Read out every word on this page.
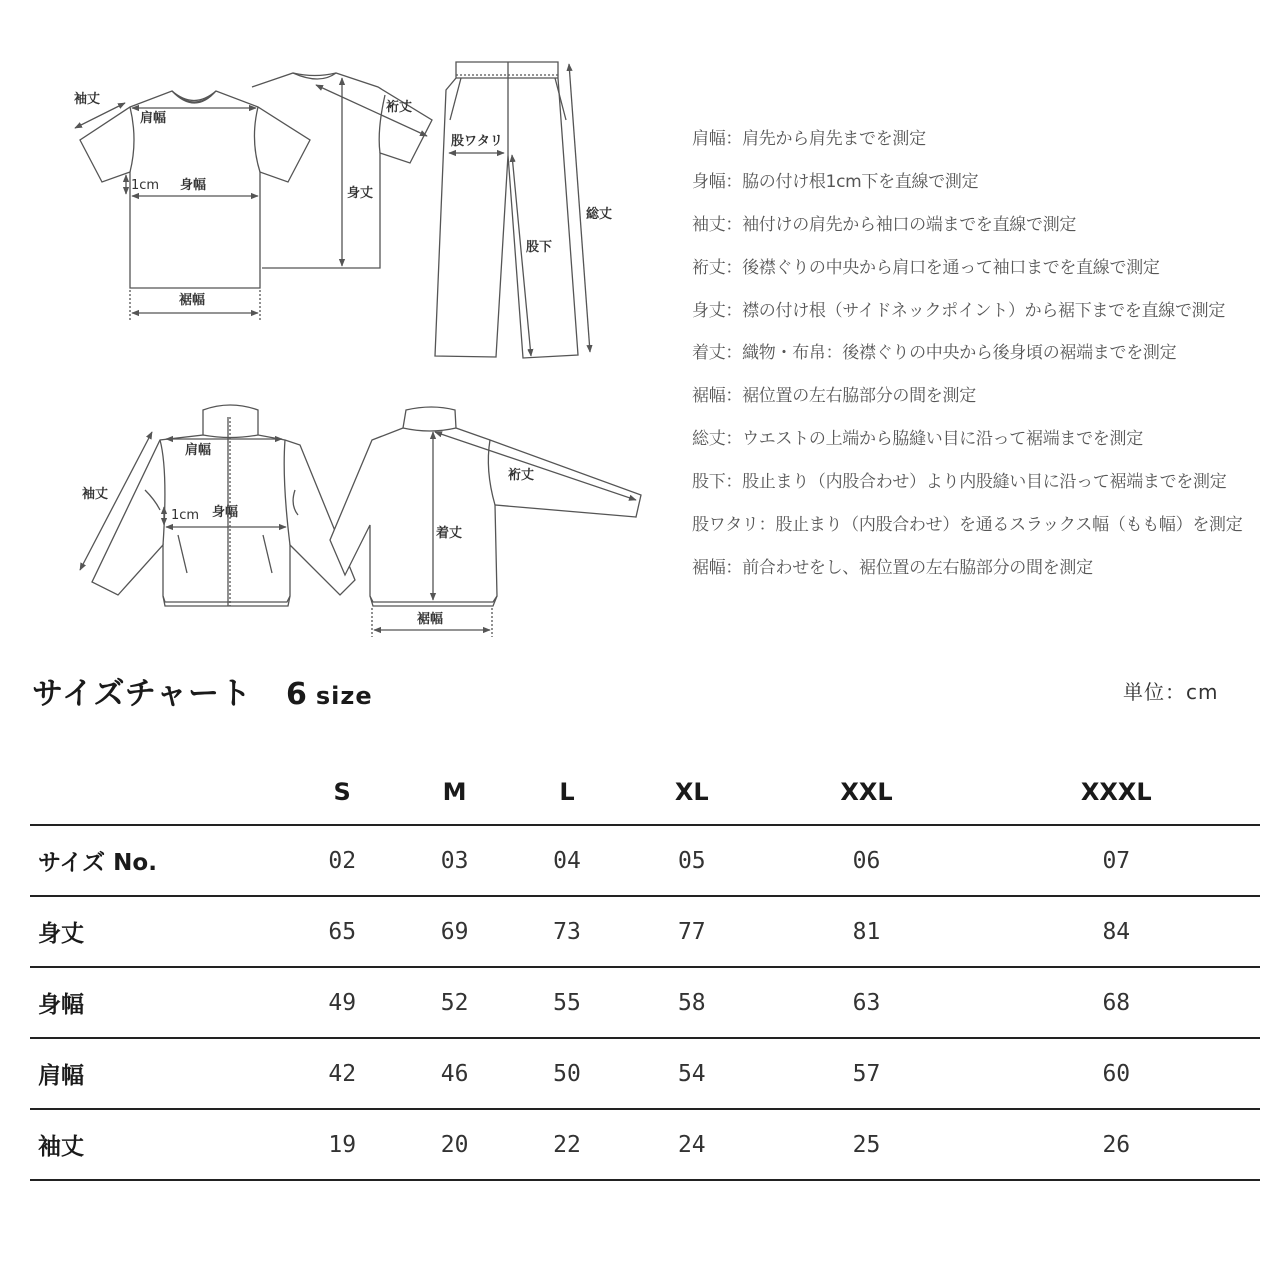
袖丈
肩幅
1cm 身幅
裾幅
裄丈
身丈
股ワタリ
股下
総丈
肩幅
袖丈
1cm 身幅
裄丈
着丈
裾幅
肩幅：肩先から肩先までを測定
身幅：脇の付け根1cm下を直線で測定
袖丈：袖付けの肩先から袖口の端までを直線で測定
裄丈：後襟ぐりの中央から肩口を通って袖口までを直線で測定
身丈：襟の付け根（サイドネックポイント）から裾下までを直線で測定
着丈：織物・布帛：後襟ぐりの中央から後身頃の裾端までを測定
裾幅：裾位置の左右脇部分の間を測定
総丈：ウエストの上端から脇縫い目に沿って裾端までを測定
股下：股止まり（内股合わせ）より内股縫い目に沿って裾端までを測定
股ワタリ：股止まり（内股合わせ）を通るスラックス幅（もも幅）を測定
裾幅：前合わせをし、裾位置の左右脇部分の間を測定
サイズチャート 6 size	単位：cm
	S	M	L	XL	XXL	XXXL
サイズ No.	02	03	04	05	06	07
身丈	65	69	73	77	81	84
身幅	49	52	55	58	63	68
肩幅	42	46	50	54	57	60
袖丈	19	20	22	24	25	26
